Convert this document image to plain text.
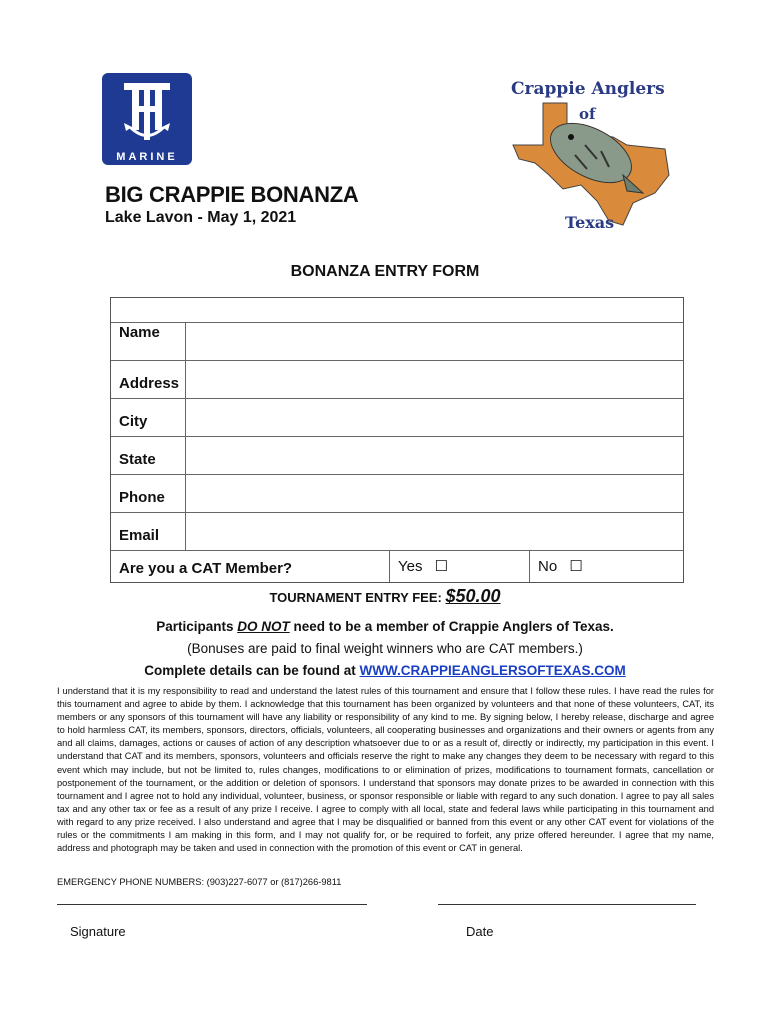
MARINE
Crappie Anglers
of
Texas
BIG CRAPPIE BONANZA
Lake Lavon - May 1, 2021
BONANZA ENTRY FORM
Name
Address
City
State
Phone
Email
Are you a CAT Member?	Yes ☐	No ☐
TOURNAMENT ENTRY FEE: $50.00
Participants DO NOT need to be a member of Crappie Anglers of Texas.
(Bonuses are paid to final weight winners who are CAT members.)
Complete details can be found at WWW.CRAPPIEANGLERSOFTEXAS.COM
I understand that it is my responsibility to read and understand the latest rules of this tournament and ensure that I follow these rules. I have read the rules for this tournament and agree to abide by them. I acknowledge that this tournament has been organized by volunteers and that none of these volunteers, CAT, its members or any sponsors of this tournament will have any liability or responsibility of any kind to me. By signing below, I hereby release, discharge and agree to hold harmless CAT, its members, sponsors, directors, officials, volunteers, all cooperating businesses and organizations and their owners or agents from any and all claims, damages, actions or causes of action of any description whatsoever due to or as a result of, directly or indirectly, my participation in this event. I understand that CAT and its members, sponsors, volunteers and officials reserve the right to make any changes they deem to be necessary with regard to this event which may include, but not be limited to, rules changes, modifications to or elimination of prizes, modifications to tournament formats, cancellation or postponement of the tournament, or the addition or deletion of sponsors. I understand that sponsors may donate prizes to be awarded in connection with this tournament and I agree not to hold any individual, volunteer, business, or sponsor responsible or liable with regard to any such donation. I agree to pay all sales tax and any other tax or fee as a result of any prize I receive. I agree to comply with all local, state and federal laws while participating in this tournament and with regard to any prize received. I also understand and agree that I may be disqualified or banned from this event or any other CAT event for violations of the rules or the commitments I am making in this form, and I may not qualify for, or be required to forfeit, any prize offered hereunder. I agree that my name, address and photograph may be taken and used in connection with the promotion of this event or CAT in general.
EMERGENCY PHONE NUMBERS: (903)227-6077 or (817)266-9811
Signature	Date
